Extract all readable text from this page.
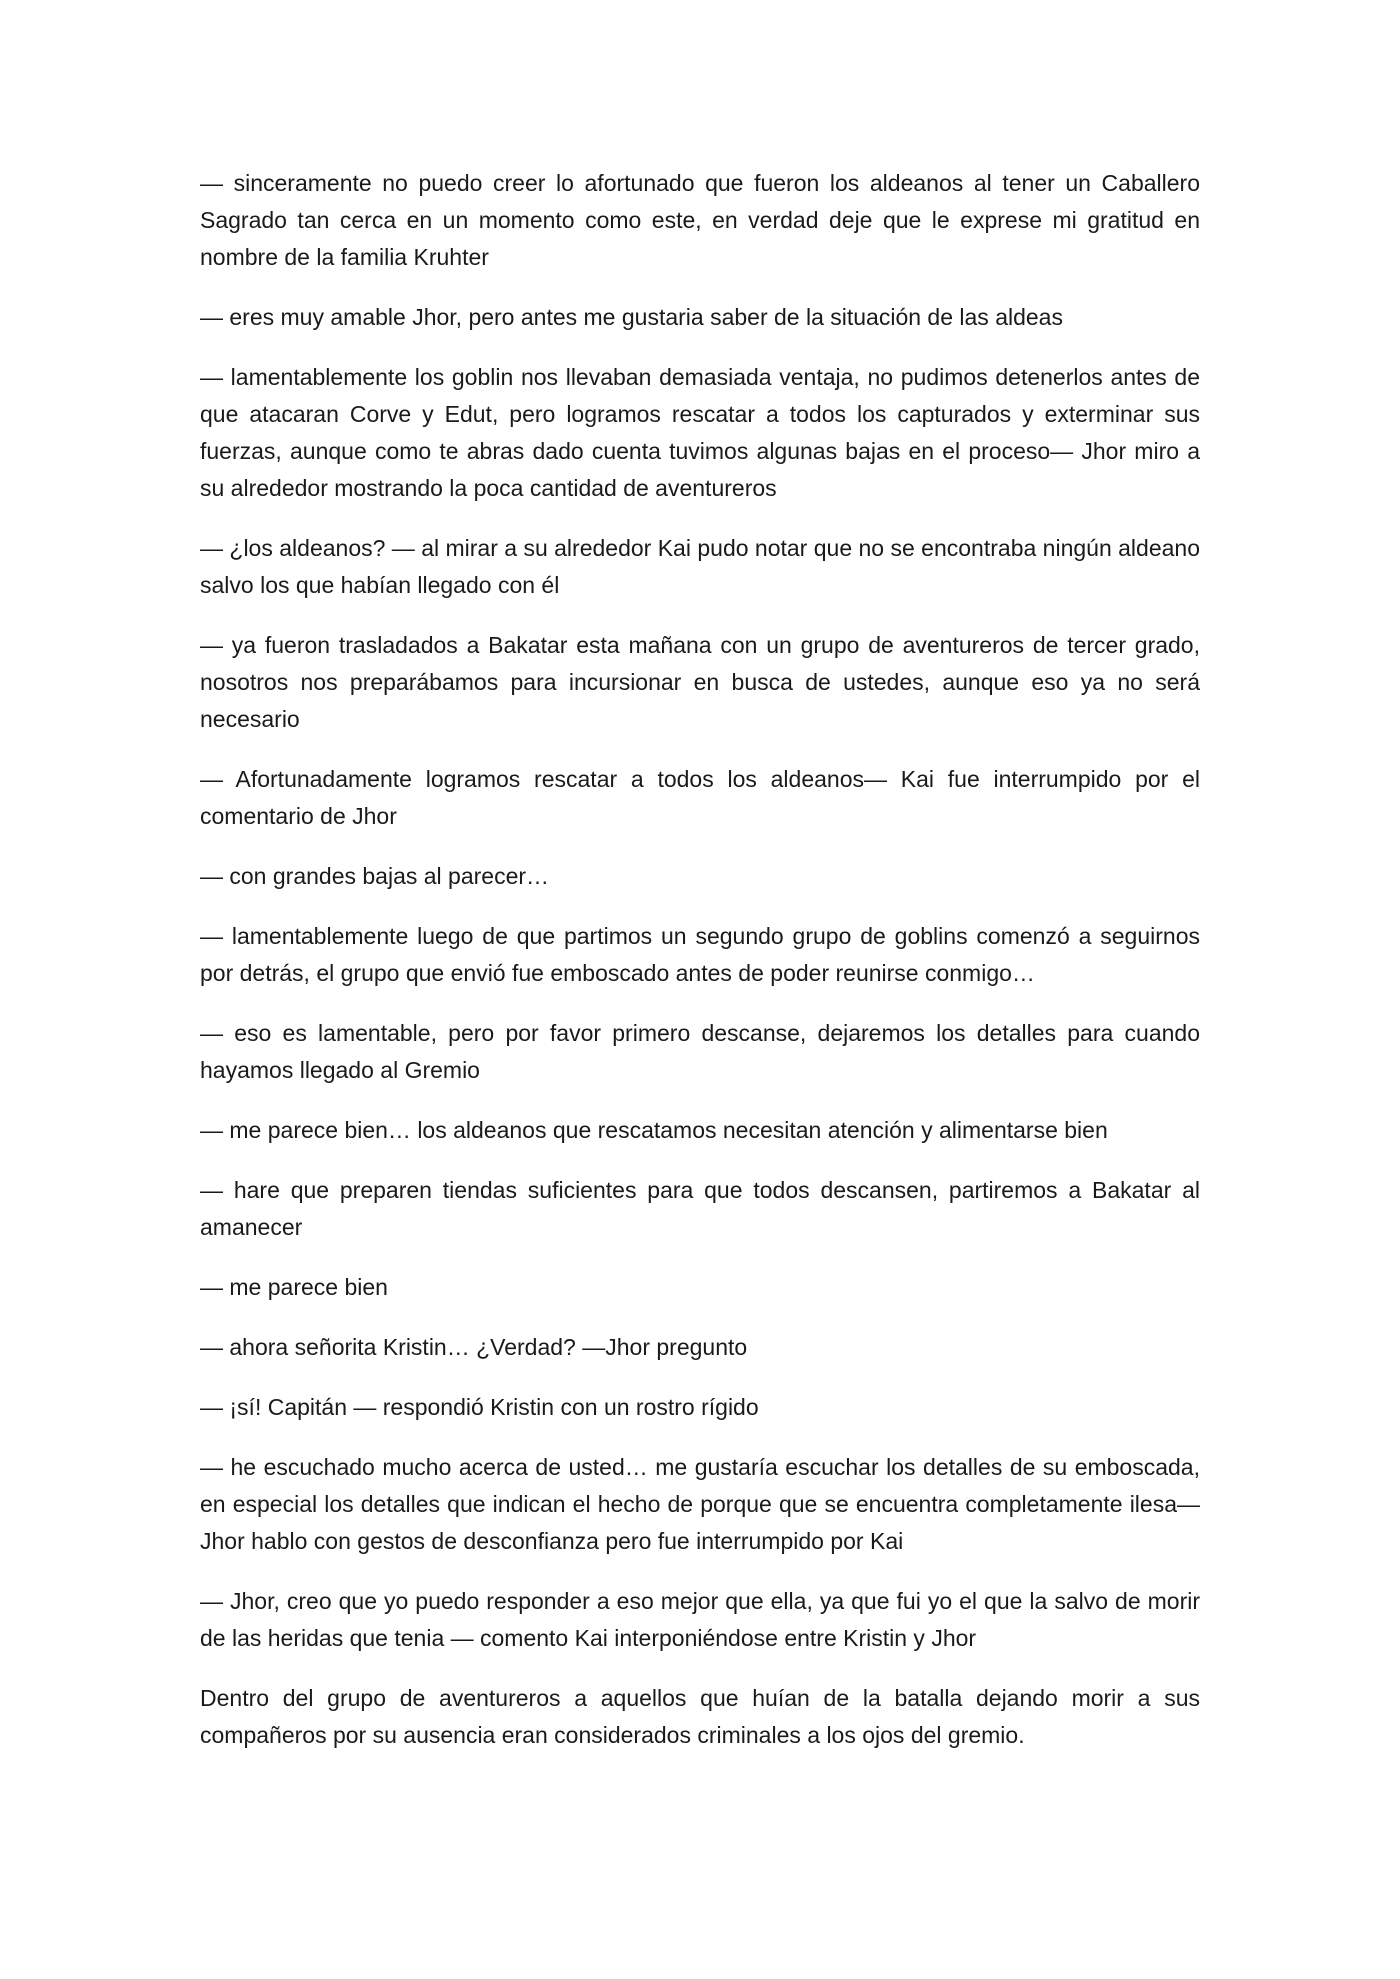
— sinceramente no puedo creer lo afortunado que fueron los aldeanos al tener un Caballero Sagrado tan cerca en un momento como este, en verdad deje que le exprese mi gratitud en nombre de la familia Kruhter

— eres muy amable Jhor, pero antes me gustaria saber de la situación de las aldeas

— lamentablemente los goblin nos llevaban demasiada ventaja, no pudimos detenerlos antes de que atacaran Corve y Edut, pero logramos rescatar a todos los capturados y exterminar sus fuerzas, aunque como te abras dado cuenta tuvimos algunas bajas en el proceso— Jhor miro a su alrededor mostrando la poca cantidad de aventureros

— ¿los aldeanos? — al mirar a su alrededor Kai pudo notar que no se encontraba ningún aldeano salvo los que habían llegado con él

— ya fueron trasladados a Bakatar esta mañana con un grupo de aventureros de tercer grado, nosotros nos preparábamos para incursionar en busca de ustedes, aunque eso ya no será necesario

— Afortunadamente logramos rescatar a todos los aldeanos— Kai fue interrumpido por el comentario de Jhor

— con grandes bajas al parecer…

— lamentablemente luego de que partimos un segundo grupo de goblins comenzó a seguirnos por detrás, el grupo que envió fue emboscado antes de poder reunirse conmigo…

— eso es lamentable, pero por favor primero descanse, dejaremos los detalles para cuando hayamos llegado al Gremio

— me parece bien… los aldeanos que rescatamos necesitan atención y alimentarse bien

— hare que preparen tiendas suficientes para que todos descansen, partiremos a Bakatar al amanecer

— me parece bien

— ahora señorita Kristin… ¿Verdad? —Jhor pregunto

— ¡sí! Capitán — respondió Kristin con un rostro rígido

— he escuchado mucho acerca de usted… me gustaría escuchar los detalles de su emboscada, en especial los detalles que indican el hecho de porque que se encuentra completamente ilesa— Jhor hablo con gestos de desconfianza pero fue interrumpido por Kai

— Jhor, creo que yo puedo responder a eso mejor que ella, ya que fui yo el que la salvo de morir de las heridas que tenia — comento Kai interponiéndose entre Kristin y Jhor

Dentro del grupo de aventureros a aquellos que huían de la batalla dejando morir a sus compañeros por su ausencia eran considerados criminales a los ojos del gremio.
